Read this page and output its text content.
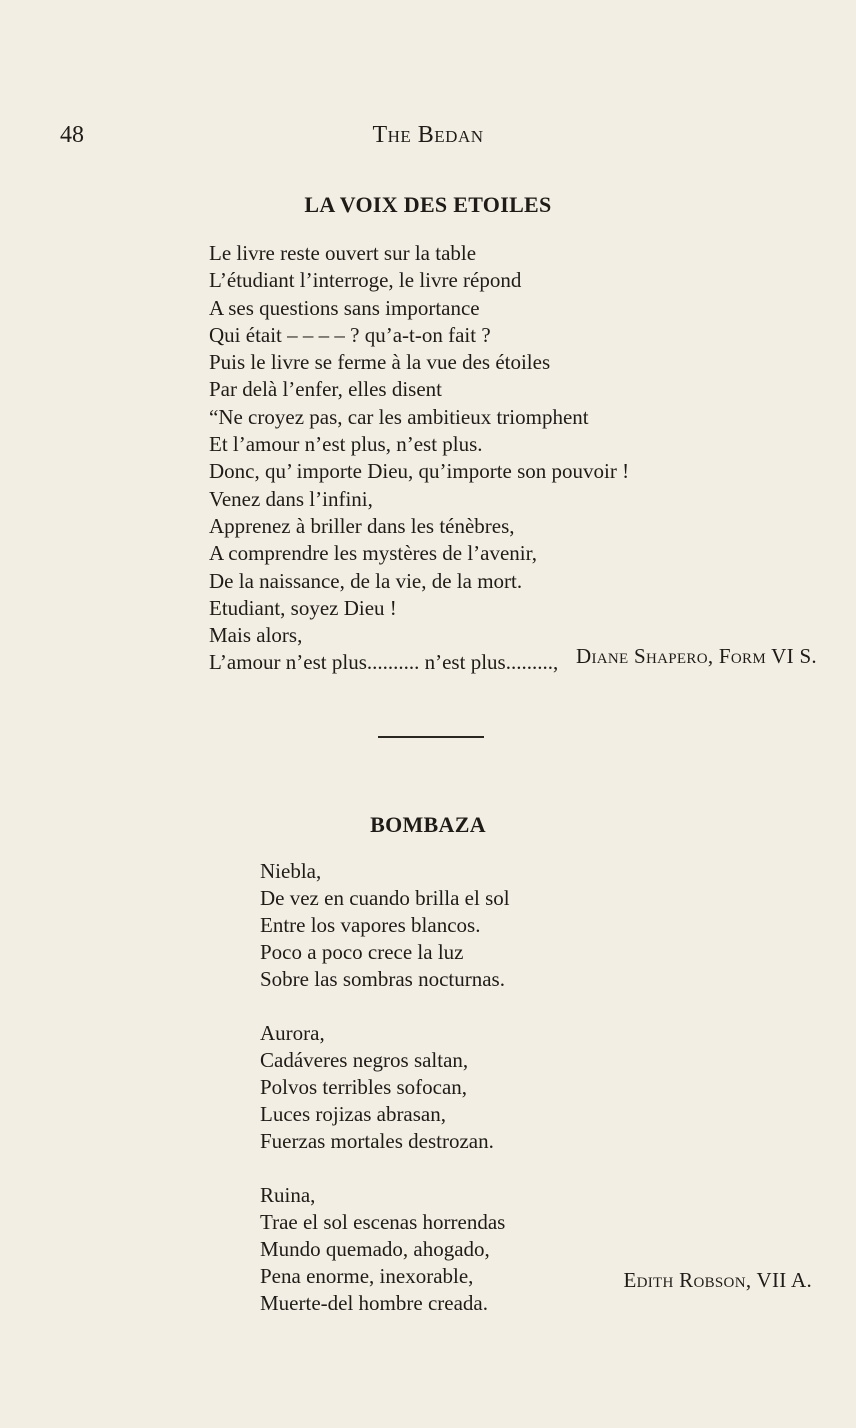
48	The Bedan
LA VOIX DES ETOILES
Le livre reste ouvert sur la table
L’étudiant l’interroge, le livre répond
A ses questions sans importance
Qui était – – – – ? qu’a-t-on fait ?
Puis le livre se ferme à la vue des étoiles
Par delà l’enfer, elles disent
“Ne croyez pas, car les ambitieux triomphent
Et l’amour n’est plus, n’est plus.
Donc, qu’ importe Dieu, qu’importe son pouvoir !
Venez dans l’infini,
Apprenez à briller dans les ténèbres,
A comprendre les mystères de l’avenir,
De la naissance, de la vie, de la mort.
Etudiant, soyez Dieu !
Mais alors,
L’amour n’est plus.......... n’est plus........., Diane Shapero, Form VI S.
BOMBAZA
Niebla,
De vez en cuando brilla el sol
Entre los vapores blancos.
Poco a poco crece la luz
Sobre las sombras nocturnas.
Aurora,
Cadáveres negros saltan,
Polvos terribles sofocan,
Luces rojizas abrasan,
Fuerzas mortales destrozan.
Ruina,
Trae el sol escenas horrendas
Mundo quemado, ahogado,
Pena enorme, inexorable,
Muerte-del hombre creada.
Edith Robson, VII A.
